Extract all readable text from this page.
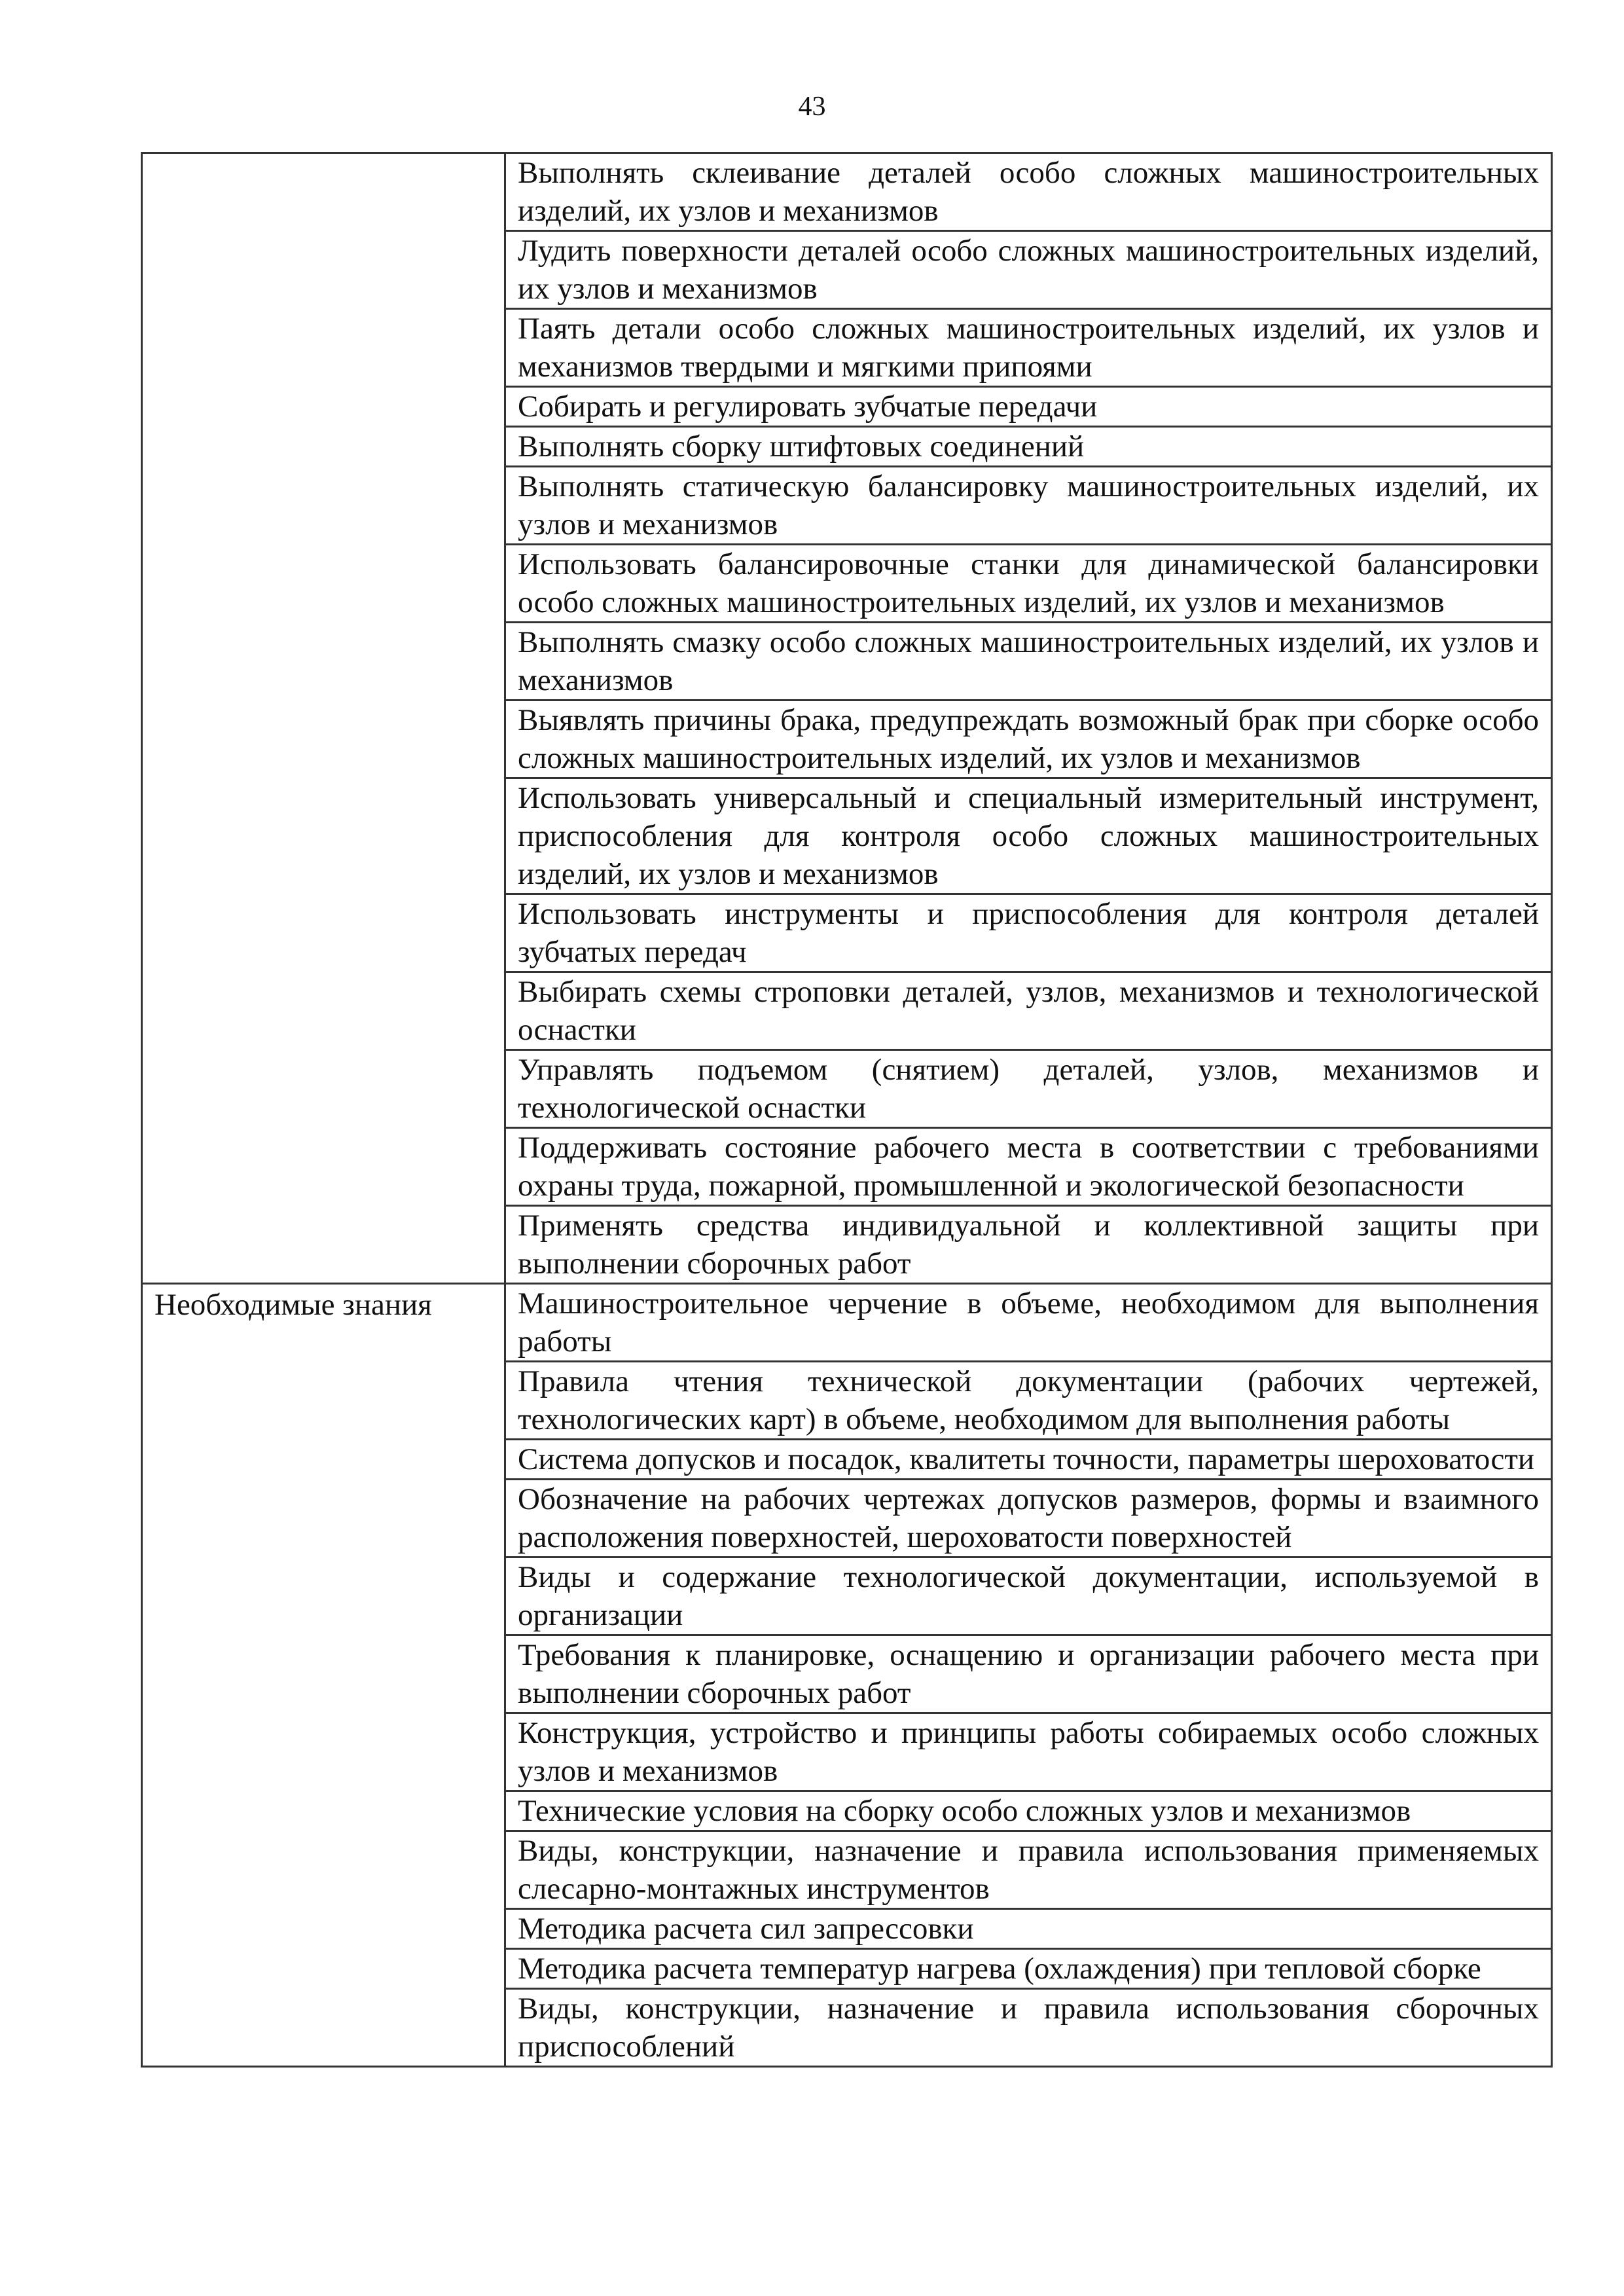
43
	Выполнять склеивание деталей особо сложных машиностроительных изделий, их узлов и механизмов
	Лудить поверхности деталей особо сложных машиностроительных изделий, их узлов и механизмов
	Паять детали особо сложных машиностроительных изделий, их узлов и механизмов твердыми и мягкими припоями
	Собирать и регулировать зубчатые передачи
	Выполнять сборку штифтовых соединений
	Выполнять статическую балансировку машиностроительных изделий, их узлов и механизмов
	Использовать балансировочные станки для динамической балансировки особо сложных машиностроительных изделий, их узлов и механизмов
	Выполнять смазку особо сложных машиностроительных изделий, их узлов и механизмов
	Выявлять причины брака, предупреждать возможный брак при сборке особо сложных машиностроительных изделий, их узлов и механизмов
	Использовать универсальный и специальный измерительный инструмент, приспособления для контроля особо сложных машиностроительных изделий, их узлов и механизмов
	Использовать инструменты и приспособления для контроля деталей зубчатых передач
	Выбирать схемы строповки деталей, узлов, механизмов и технологической оснастки
	Управлять подъемом (снятием) деталей, узлов, механизмов и технологической оснастки
	Поддерживать состояние рабочего места в соответствии с требованиями охраны труда, пожарной, промышленной и экологической безопасности
	Применять средства индивидуальной и коллективной защиты при выполнении сборочных работ

Необходимые знания	Машиностроительное черчение в объеме, необходимом для выполнения работы
	Правила чтения технической документации (рабочих чертежей, технологических карт) в объеме, необходимом для выполнения работы
	Система допусков и посадок, квалитеты точности, параметры шероховатости
	Обозначение на рабочих чертежах допусков размеров, формы и взаимного расположения поверхностей, шероховатости поверхностей
	Виды и содержание технологической документации, используемой в организации
	Требования к планировке, оснащению и организации рабочего места при выполнении сборочных работ
	Конструкция, устройство и принципы работы собираемых особо сложных узлов и механизмов
	Технические условия на сборку особо сложных узлов и механизмов
	Виды, конструкции, назначение и правила использования применяемых слесарно-монтажных инструментов
	Методика расчета сил запрессовки
	Методика расчета температур нагрева (охлаждения) при тепловой сборке
	Виды, конструкции, назначение и правила использования сборочных приспособлений
